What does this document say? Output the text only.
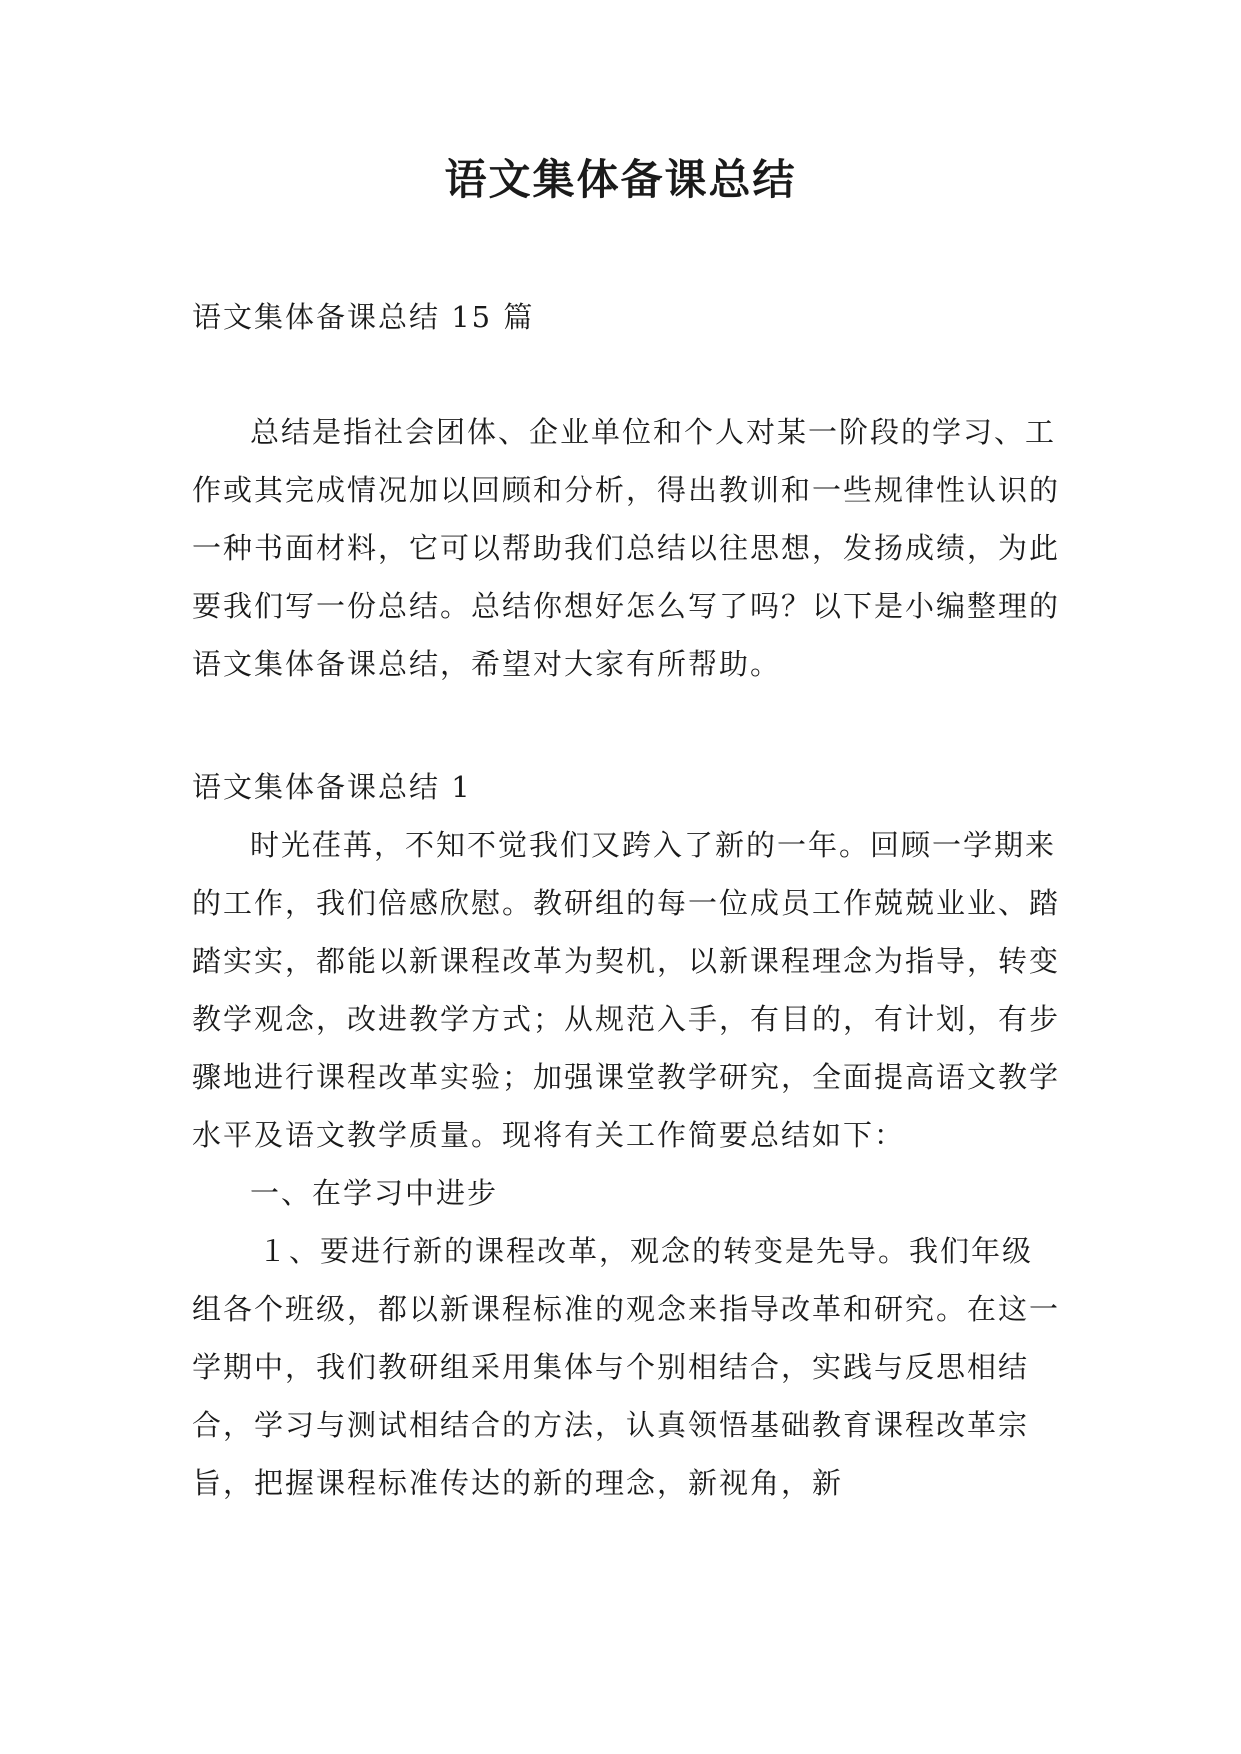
语文集体备课总结
语文集体备课总结 15 篇

总结是指社会团体、企业单位和个人对某一阶段的学习、工作或其完成情况加以回顾和分析，得出教训和一些规律性认识的一种书面材料，它可以帮助我们总结以往思想，发扬成绩，为此要我们写一份总结。总结你想好怎么写了吗？以下是小编整理的语文集体备课总结，希望对大家有所帮助。

语文集体备课总结 1

时光荏苒，不知不觉我们又跨入了新的一年。回顾一学期来的工作，我们倍感欣慰。教研组的每一位成员工作兢兢业业、踏踏实实，都能以新课程改革为契机，以新课程理念为指导，转变教学观念，改进教学方式；从规范入手，有目的，有计划，有步骤地进行课程改革实验；加强课堂教学研究，全面提高语文教学水平及语文教学质量。现将有关工作简要总结如下：

一、在学习中进步

１、要进行新的课程改革，观念的转变是先导。我们年级组各个班级，都以新课程标准的观念来指导改革和研究。在这一学期中，我们教研组采用集体与个别相结合，实践与反思相结合，学习与测试相结合的方法，认真领悟基础教育课程改革宗旨，把握课程标准传达的新的理念，新视角，新
